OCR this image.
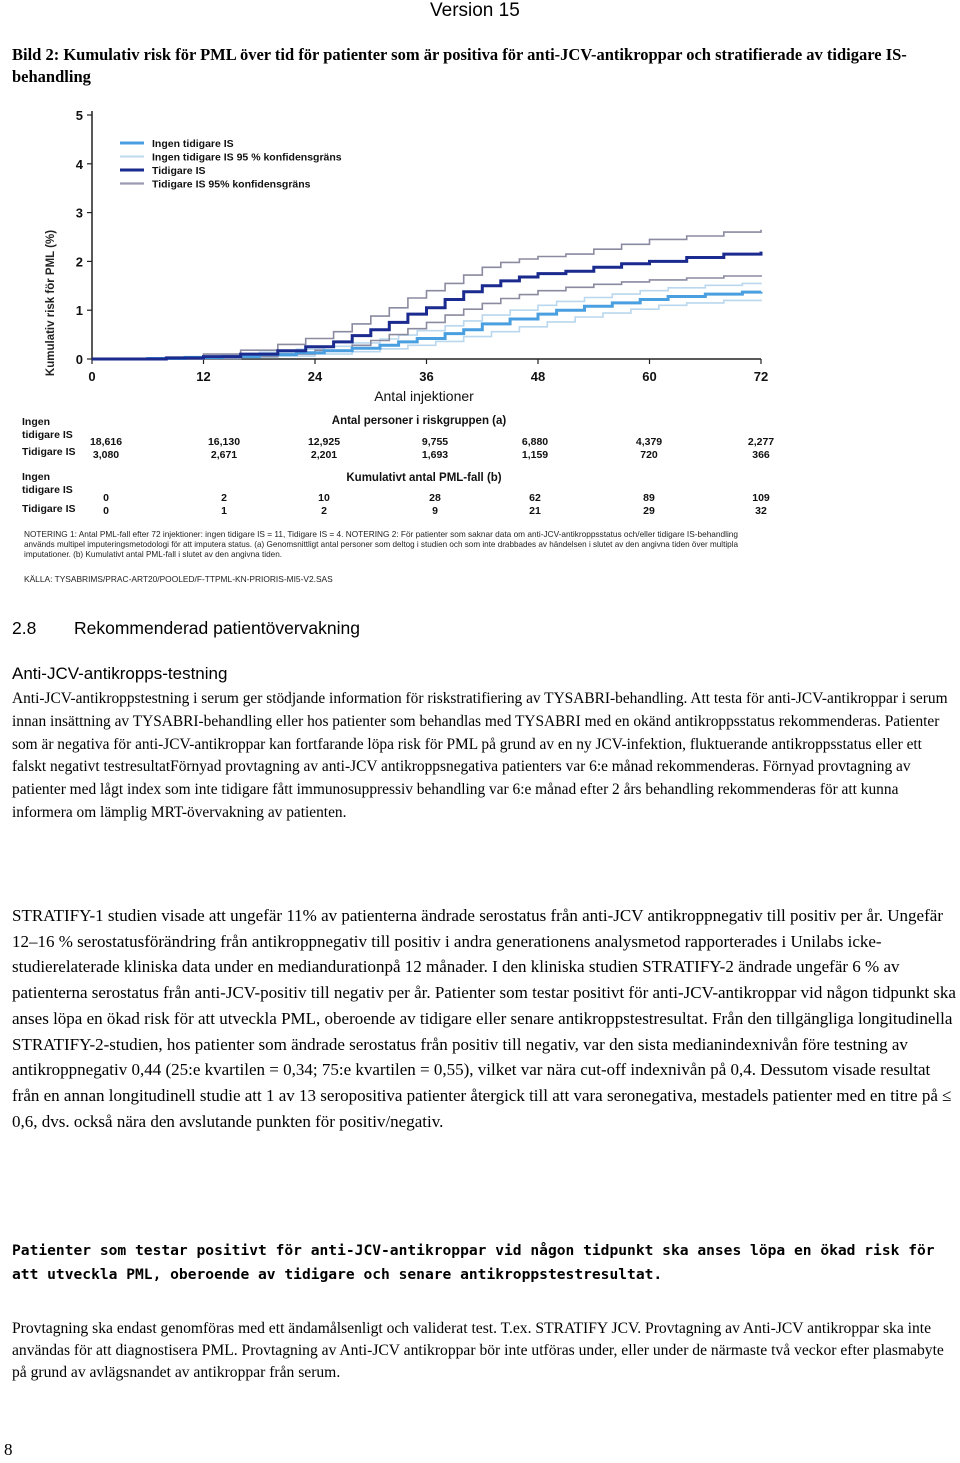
Version 15

Bild 2: Kumulativ risk för PML över tid för patienter som är positiva för anti-JCV-antikroppar och stratifierade av tidigare IS-behandling

0
1
2
3
4
5
0	12	24	36	48	60	72
Ingen tidigare IS
Ingen tidigare IS 95 % konfidensgräns
Tidigare IS
Tidigare IS 95% konfidensgräns
Kumulativ risk för PML (%)
Antal injektioner
Antal personer i riskgruppen (a)
Kumulativt antal PML-fall (b)
Ingen tidigare IS
Tidigare IS
Ingen tidigare IS
Tidigare IS
18,616	16,130	12,925	9,755	6,880	4,379	2,277
3,080	2,671	2,201	1,693	1,159	720	366
0	2	10	28	62	89	109
0	1	2	9	21	29	32
NOTERING 1: Antal PML-fall efter 72 injektioner: ingen tidigare IS = 11, Tidigare IS = 4. NOTERING 2: För patienter som saknar data om anti-JCV-antikroppsstatus och/eller tidigare IS-behandling
används multipel imputeringsmetodologi för att imputera status. (a) Genomsnittligt antal personer som deltog i studien och som inte drabbades av händelsen i slutet av den angivna tiden över multipla
imputationer. (b) Kumulativt antal PML-fall i slutet av den angivna tiden.
KÄLLA: TYSABRIMS/PRAC-ART20/POOLED/F-TTPML-KN-PRIORIS-MI5-V2.SAS
2.8 Rekommenderad patientövervakning
Anti-JCV-antikropps-testning

Anti-JCV-antikroppstestning i serum ger stödjande information för riskstratifiering av TYSABRI-behandling. Att testa för anti-JCV-antikroppar i serum innan insättning av TYSABRI-behandling eller hos patienter som behandlas med TYSABRI med en okänd antikroppsstatus rekommenderas. Patienter som är negativa för anti-JCV-antikroppar kan fortfarande löpa risk för PML på grund av en ny JCV-infektion, fluktuerande antikroppsstatus eller ett falskt negativt testresultatFörnyad provtagning av anti-JCV antikroppsnegativa patienters var 6:e månad rekommenderas. Förnyad provtagning av patienter med lågt index som inte tidigare fått immunosuppressiv behandling var 6:e månad efter 2 års behandling rekommenderas för att kunna informera om lämplig MRT-övervakning av patienten.

STRATIFY-1 studien visade att ungefär 11% av patienterna ändrade serostatus från anti-JCV antikroppnegativ till positiv per år. Ungefär 12–16 % serostatusförändring från antikroppnegativ till positiv i andra generationens analysmetod rapporterades i Unilabs icke-studierelaterade kliniska data under en mediandurationpå 12 månader. I den kliniska studien STRATIFY-2 ändrade ungefär 6 % av patienterna serostatus från anti-JCV-positiv till negativ per år. Patienter som testar positivt för anti-JCV-antikroppar vid någon tidpunkt ska anses löpa en ökad risk för att utveckla PML, oberoende av tidigare eller senare antikroppstestresultat. Från den tillgängliga longitudinella STRATIFY-2-studien, hos patienter som ändrade serostatus från positiv till negativ, var den sista medianindexnivån före testning av antikroppnegativ 0,44 (25:e kvartilen = 0,34; 75:e kvartilen = 0,55), vilket var nära cut-off indexnivån på 0,4. Dessutom visade resultat från en annan longitudinell studie att 1 av 13 seropositiva patienter återgick till att vara seronegativa, mestadels patienter med en titre på ≤ 0,6, dvs. också nära den avslutande punkten för positiv/negativ.

Patienter som testar positivt för anti-JCV-antikroppar vid någon tidpunkt ska anses löpa en ökad risk för att utveckla PML, oberoende av tidigare och senare antikroppstestresultat.

Provtagning ska endast genomföras med ett ändamålsenligt och validerat test. T.ex. STRATIFY JCV. Provtagning av Anti-JCV antikroppar ska inte användas för att diagnostisera PML. Provtagning av Anti-JCV antikroppar bör inte utföras under, eller under de närmaste två veckor efter plasmabyte på grund av avlägsnandet av antikroppar från serum.

8
